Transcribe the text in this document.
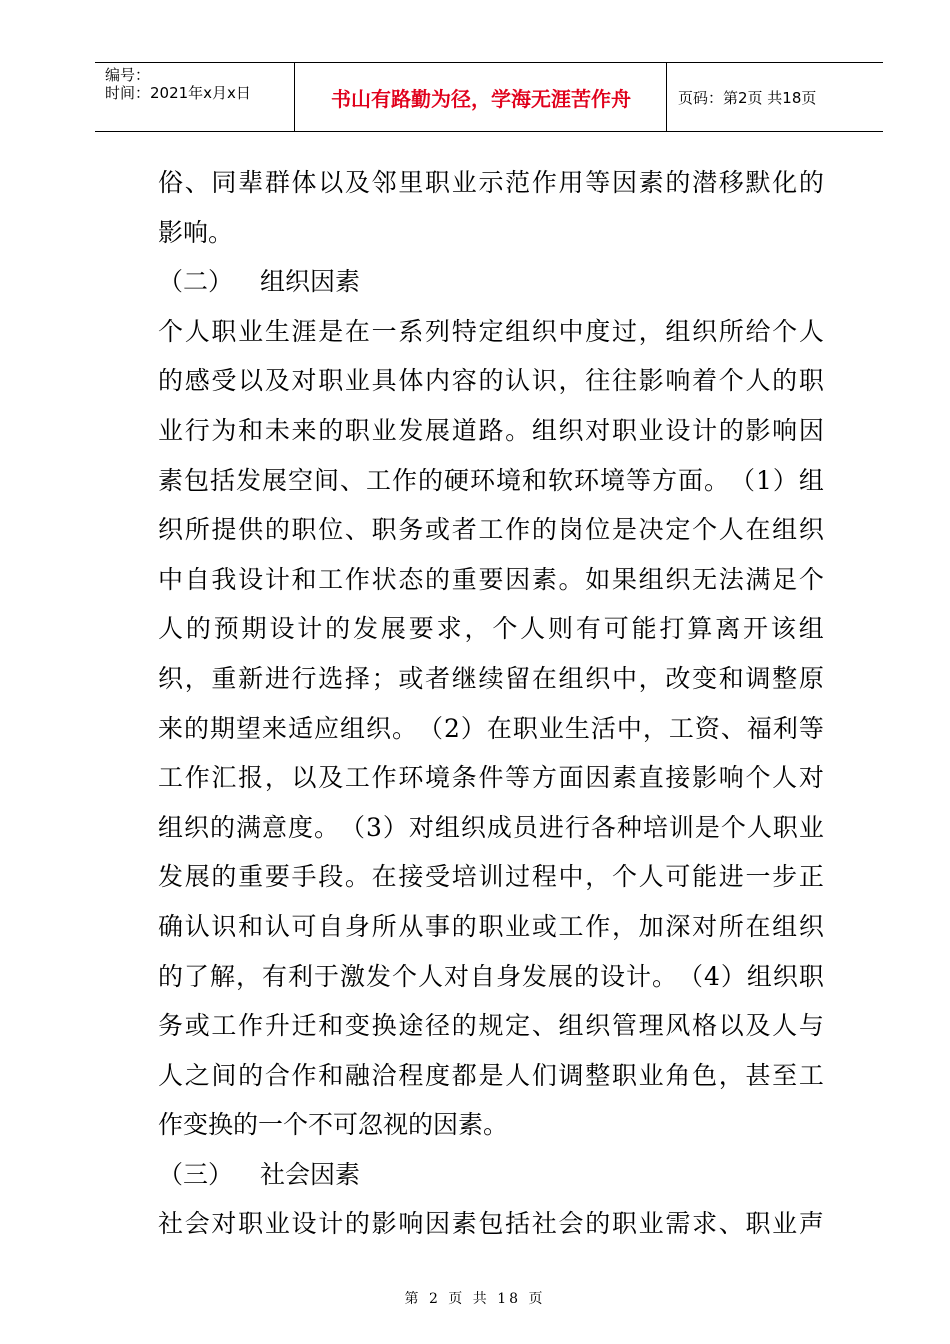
编号：
时间：2021年x月x日	书山有路勤为径，学海无涯苦作舟	页码：第2页 共18页
俗 、 同 辈 群 体 以 及 邻 里 职 业 示 范 作 用 等 因 素 的 潜 移 默 化 的
影响。
（二） 组织因素
个 人 职 业 生 涯 是 在 一 系 列 特 定 组 织 中 度 过 ， 组 织 所 给 个 人
的 感 受 以 及 对 职 业 具 体 内 容 的 认 识 ， 往 往 影 响 着 个 人 的 职
业 行 为 和 未 来 的 职 业 发 展 道 路 。 组 织 对 职 业 设 计 的 影 响 因
素 包 括 发 展 空 间 、 工 作 的 硬 环 境 和 软 环 境 等 方 面 。 （ 1 ） 组
织 所 提 供 的 职 位 、 职 务 或 者 工 作 的 岗 位 是 决 定 个 人 在 组 织
中 自 我 设 计 和 工 作 状 态 的 重 要 因 素 。 如 果 组 织 无 法 满 足 个
人 的 预 期 设 计 的 发 展 要 求 ， 个 人 则 有 可 能 打 算 离 开 该 组
织 ， 重 新 进 行 选 择 ； 或 者 继 续 留 在 组 织 中 ， 改 变 和 调 整 原
来 的 期 望 来 适 应 组 织 。 （ 2 ） 在 职 业 生 活 中 ， 工 资 、 福 利 等
工 作 汇 报 ， 以 及 工 作 环 境 条 件 等 方 面 因 素 直 接 影 响 个 人 对
组 织 的 满 意 度 。 （ 3 ） 对 组 织 成 员 进 行 各 种 培 训 是 个 人 职 业
发 展 的 重 要 手 段 。 在 接 受 培 训 过 程 中 ， 个 人 可 能 进 一 步 正
确 认 识 和 认 可 自 身 所 从 事 的 职 业 或 工 作 ， 加 深 对 所 在 组 织
的 了 解 ， 有 利 于 激 发 个 人 对 自 身 发 展 的 设 计 。 （ 4 ） 组 织 职
务 或 工 作 升 迁 和 变 换 途 径 的 规 定 、 组 织 管 理 风 格 以 及 人 与
人 之 间 的 合 作 和 融 洽 程 度 都 是 人 们 调 整 职 业 角 色 ， 甚 至 工
作变换的一个不可忽视的因素。
（三） 社会因素
社 会 对 职 业 设 计 的 影 响 因 素 包 括 社 会 的 职 业 需 求 、 职 业 声
第 2 页 共 18 页
